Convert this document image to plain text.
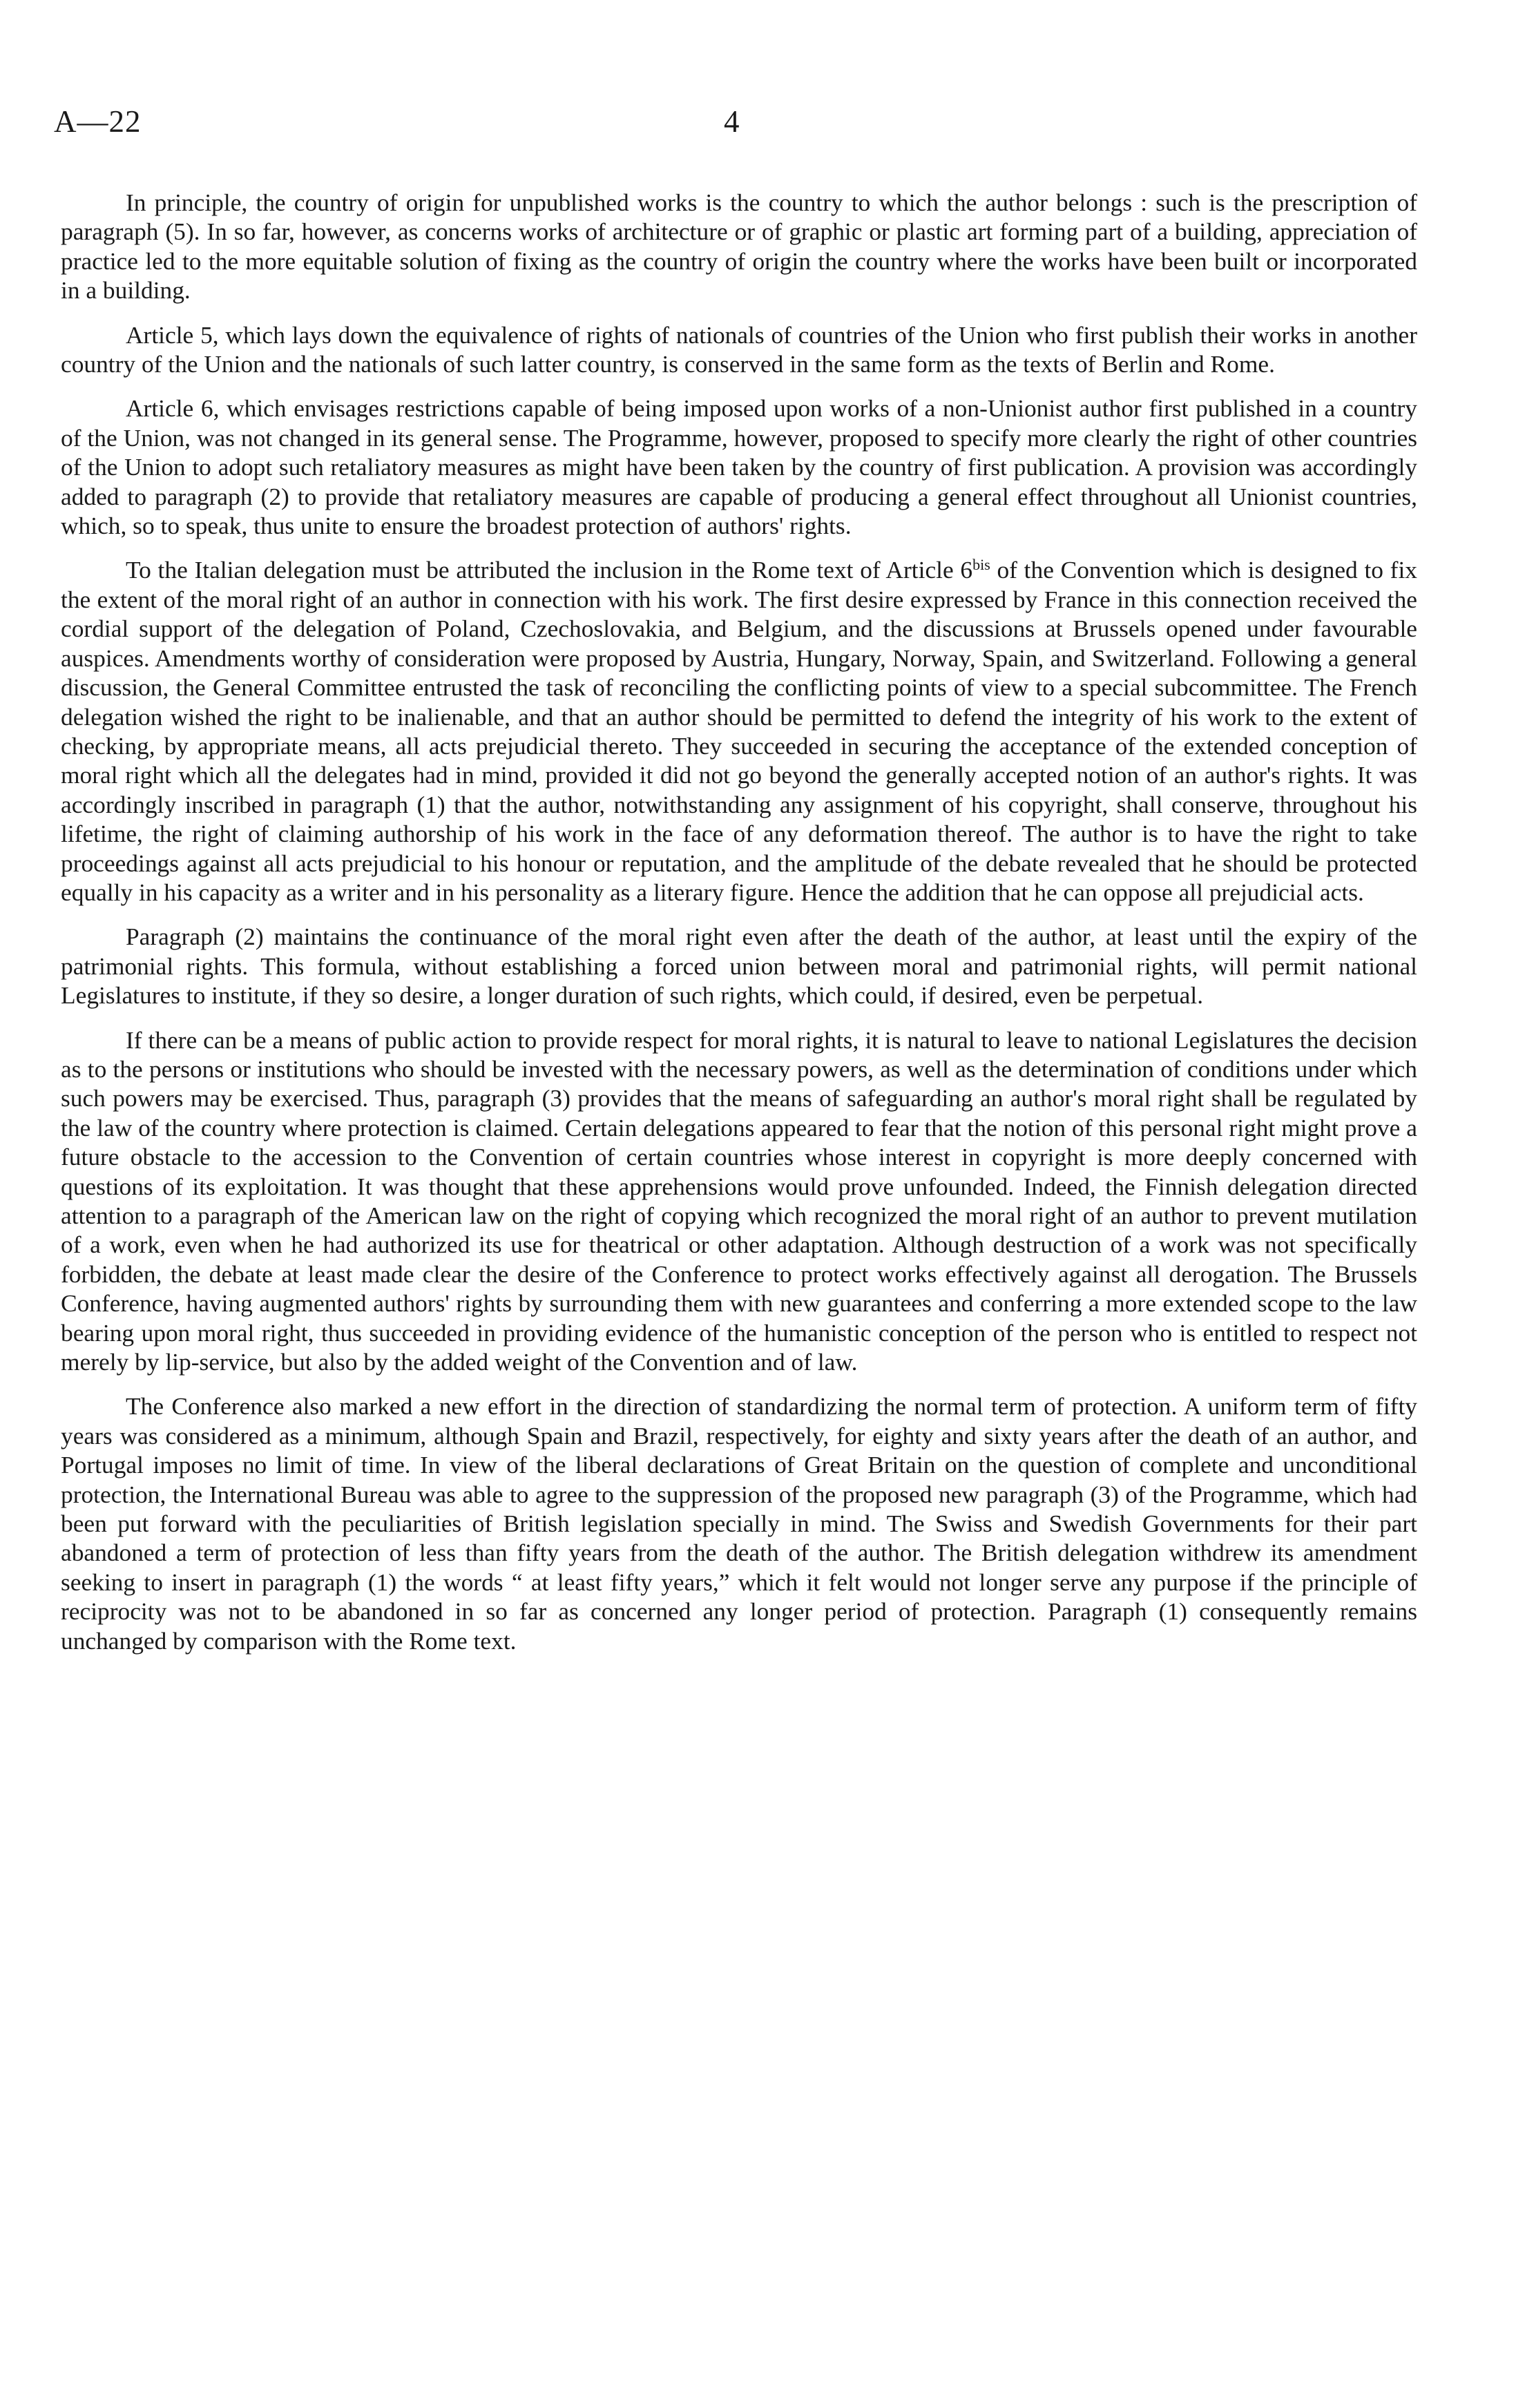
A—22	4

In principle, the country of origin for unpublished works is the country to which the author belongs : such is the prescription of paragraph (5). In so far, however, as concerns works of architecture or of graphic or plastic art forming part of a building, appreciation of practice led to the more equitable solution of fixing as the country of origin the country where the works have been built or incorporated in a building.

Article 5, which lays down the equivalence of rights of nationals of countries of the Union who first publish their works in another country of the Union and the nationals of such latter country, is conserved in the same form as the texts of Berlin and Rome.

Article 6, which envisages restrictions capable of being imposed upon works of a non-Unionist author first published in a country of the Union, was not changed in its general sense. The Programme, however, proposed to specify more clearly the right of other countries of the Union to adopt such retaliatory measures as might have been taken by the country of first publication. A provision was accordingly added to paragraph (2) to provide that retaliatory measures are capable of producing a general effect throughout all Unionist countries, which, so to speak, thus unite to ensure the broadest protection of authors' rights.

To the Italian delegation must be attributed the inclusion in the Rome text of Article $6^{bis}$ of the Convention which is designed to fix the extent of the moral right of an author in connection with his work. The first desire expressed by France in this connection received the cordial support of the delegation of Poland, Czechoslovakia, and Belgium, and the discussions at Brussels opened under favourable auspices. Amendments worthy of consideration were proposed by Austria, Hungary, Norway, Spain, and Switzerland. Following a general discussion, the General Committee entrusted the task of reconciling the conflicting points of view to a special subcommittee. The French delegation wished the right to be inalienable, and that an author should be permitted to defend the integrity of his work to the extent of checking, by appropriate means, all acts prejudicial thereto. They succeeded in securing the acceptance of the extended conception of moral right which all the delegates had in mind, provided it did not go beyond the generally accepted notion of an author's rights. It was accordingly inscribed in paragraph (1) that the author, notwithstanding any assignment of his copyright, shall conserve, throughout his lifetime, the right of claiming authorship of his work in the face of any deformation thereof. The author is to have the right to take proceedings against all acts prejudicial to his honour or reputation, and the amplitude of the debate revealed that he should be protected equally in his capacity as a writer and in his personality as a literary figure. Hence the addition that he can oppose all prejudicial acts.

Paragraph (2) maintains the continuance of the moral right even after the death of the author, at least until the expiry of the patrimonial rights. This formula, without establishing a forced union between moral and patrimonial rights, will permit national Legislatures to institute, if they so desire, a longer duration of such rights, which could, if desired, even be perpetual.

If there can be a means of public action to provide respect for moral rights, it is natural to leave to national Legislatures the decision as to the persons or institutions who should be invested with the necessary powers, as well as the determination of conditions under which such powers may be exercised. Thus, paragraph (3) provides that the means of safeguarding an author's moral right shall be regulated by the law of the country where protection is claimed. Certain delegations appeared to fear that the notion of this personal right might prove a future obstacle to the accession to the Convention of certain countries whose interest in copyright is more deeply concerned with questions of its exploitation. It was thought that these apprehensions would prove unfounded. Indeed, the Finnish delegation directed attention to a paragraph of the American law on the right of copying which recognized the moral right of an author to prevent mutilation of a work, even when he had authorized its use for theatrical or other adaptation. Although destruction of a work was not specifically forbidden, the debate at least made clear the desire of the Conference to protect works effectively against all derogation. The Brussels Conference, having augmented authors' rights by surrounding them with new guarantees and conferring a more extended scope to the law bearing upon moral right, thus succeeded in providing evidence of the humanistic conception of the person who is entitled to respect not merely by lip-service, but also by the added weight of the Convention and of law.

The Conference also marked a new effort in the direction of standardizing the normal term of protection. A uniform term of fifty years was considered as a minimum, although Spain and Brazil, respectively, for eighty and sixty years after the death of an author, and Portugal imposes no limit of time. In view of the liberal declarations of Great Britain on the question of complete and unconditional protection, the International Bureau was able to agree to the suppression of the proposed new paragraph (3) of the Programme, which had been put forward with the peculiarities of British legislation specially in mind. The Swiss and Swedish Governments for their part abandoned a term of protection of less than fifty years from the death of the author. The British delegation withdrew its amendment seeking to insert in paragraph (1) the words “ at least fifty years,” which it felt would not longer serve any purpose if the principle of reciprocity was not to be abandoned in so far as concerned any longer period of protection. Paragraph (1) consequently remains unchanged by comparison with the Rome text.
